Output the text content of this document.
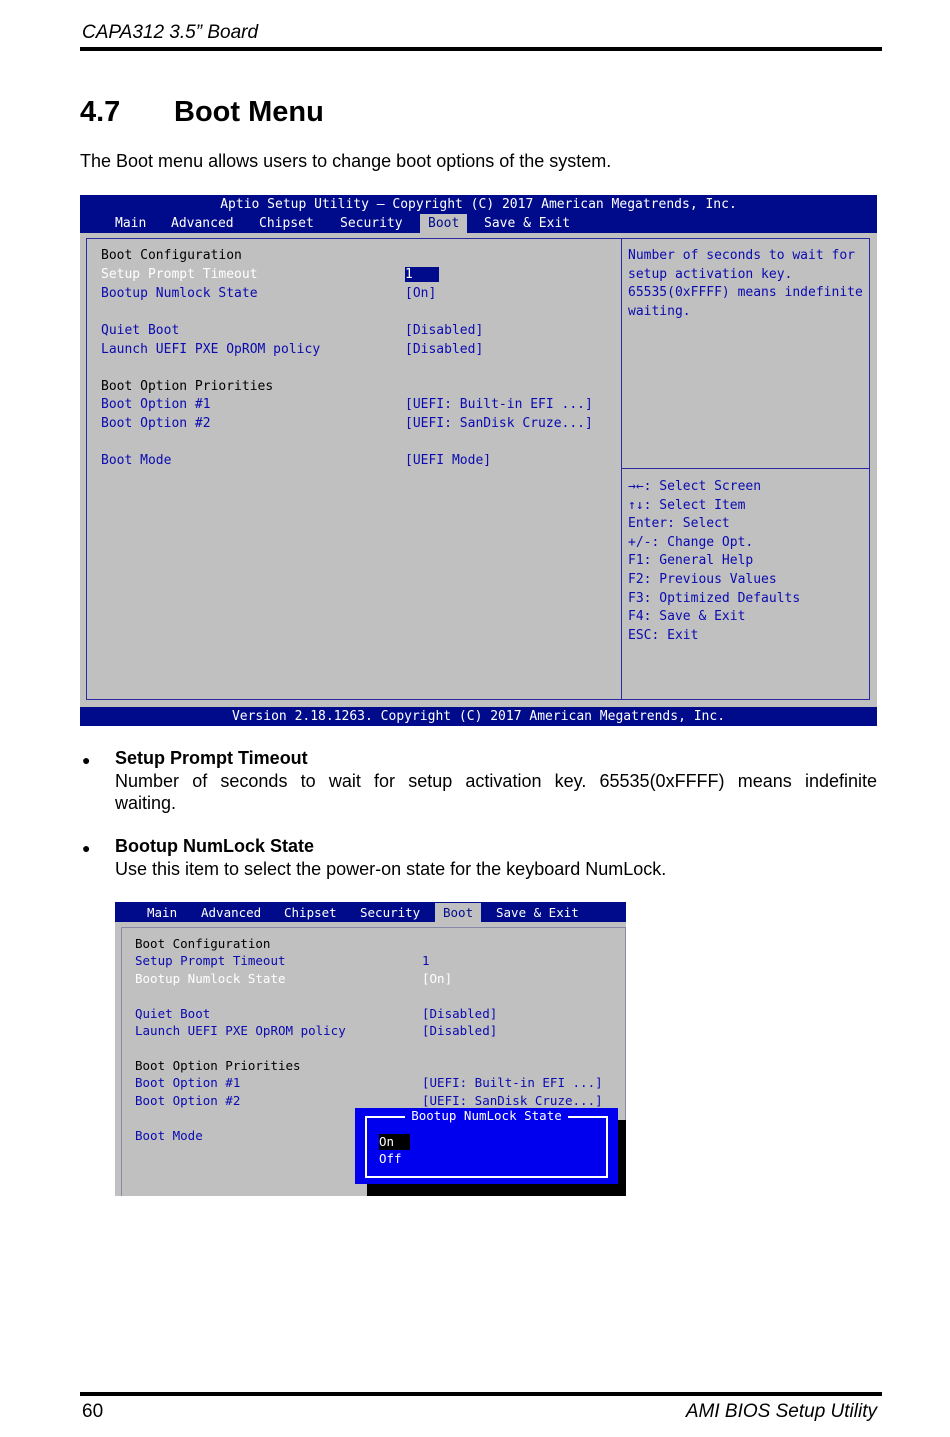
CAPA312 3.5” Board
4.7 Boot Menu
The Boot menu allows users to change boot options of the system.
Aptio Setup Utility – Copyright (C) 2017 American Megatrends, Inc.
Main	Advanced	Chipset	Security	Boot	Save & Exit
Boot Configuration
Setup Prompt Timeout	1
Bootup Numlock State	[On]
Quiet Boot	[Disabled]
Launch UEFI PXE OpROM policy	[Disabled]
Boot Option Priorities
Boot Option #1	[UEFI: Built-in EFI ...]
Boot Option #2	[UEFI: SanDisk Cruze...]
Boot Mode	[UEFI Mode]
Number of seconds to wait for
setup activation key.
65535(0xFFFF) means indefinite
waiting.
→←: Select Screen
↑↓: Select Item
Enter: Select
+/-: Change Opt.
F1: General Help
F2: Previous Values
F3: Optimized Defaults
F4: Save & Exit
ESC: Exit
Version 2.18.1263. Copyright (C) 2017 American Megatrends, Inc.
● Setup Prompt Timeout
Number of seconds to wait for setup activation key. 65535(0xFFFF) means indefinite
waiting.
● Bootup NumLock State
Use this item to select the power-on state for the keyboard NumLock.
Main	Advanced	Chipset	Security	Boot	Save & Exit
Boot Configuration
Setup Prompt Timeout	1
Bootup Numlock State	[On]
Quiet Boot	[Disabled]
Launch UEFI PXE OpROM policy	[Disabled]
Boot Option Priorities
Boot Option #1	[UEFI: Built-in EFI ...]
Boot Option #2	[UEFI: SanDisk Cruze...]
Boot Mode
Bootup NumLock State
On
Off
60	AMI BIOS Setup Utility
